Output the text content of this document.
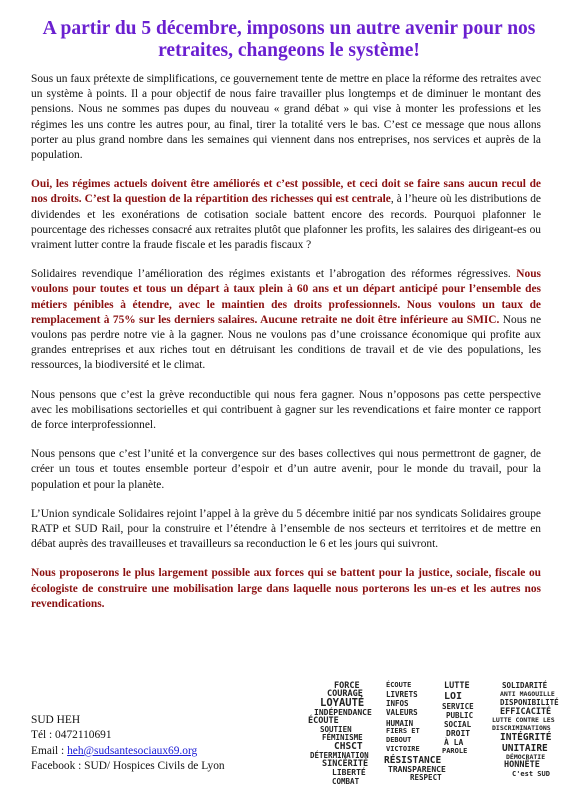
A partir du 5 décembre, imposons un autre avenir pour nos retraites, changeons le système!

Sous un faux prétexte de simplifications, ce gouvernement tente de mettre en place la réforme des retraites avec un système à points. Il a pour objectif de nous faire travailler plus longtemps et de diminuer le montant des pensions. Nous ne sommes pas dupes du nouveau « grand débat » qui vise à monter les professions et les régimes les uns contre les autres pour, au final, tirer la totalité vers le bas. C’est ce message que nous allons porter au plus grand nombre dans les semaines qui viennent dans nos entreprises, nos services et auprès de la population.

Oui, les régimes actuels doivent être améliorés et c’est possible, et ceci doit se faire sans aucun recul de nos droits. C’est la question de la répartition des richesses qui est centrale, à l’heure où les distributions de dividendes et les exonérations de cotisation sociale battent encore des records. Pourquoi plafonner le pourcentage des richesses consacré aux retraites plutôt que plafonner les profits, les salaires des dirigeant-es ou vraiment lutter contre la fraude fiscale et les paradis fiscaux ?

Solidaires revendique l’amélioration des régimes existants et l’abrogation des réformes régressives. Nous voulons pour toutes et tous un départ à taux plein à 60 ans et un départ anticipé pour l’ensemble des métiers pénibles à étendre, avec le maintien des droits professionnels. Nous voulons un taux de remplacement à 75% sur les derniers salaires. Aucune retraite ne doit être inférieure au SMIC. Nous ne voulons pas perdre notre vie à la gagner. Nous ne voulons pas d’une croissance économique qui profite aux grandes entreprises et aux riches tout en détruisant les conditions de travail et de vie des populations, les ressources, la biodiversité et le climat.

Nous pensons que c’est la grève reconductible qui nous fera gagner. Nous n’opposons pas cette perspective avec les mobilisations sectorielles et qui contribuent à gagner sur les revendications et faire monter ce rapport de force interprofessionnel.

Nous pensons que c’est l’unité et la convergence sur des bases collectives qui nous permettront de gagner, de créer un tous et toutes ensemble porteur d’espoir et d’un autre avenir, pour le monde du travail, pour la population et pour la planète.

L’Union syndicale Solidaires rejoint l’appel à la grève du 5 décembre initié par nos syndicats Solidaires groupe RATP et SUD Rail, pour la construire et l’étendre à l’ensemble de nos secteurs et territoires et de mettre en débat auprès des travailleuses et travailleurs sa reconduction le 6 et les jours qui suivront.

Nous proposerons le plus largement possible aux forces qui se battent pour la justice, sociale, fiscale ou écologiste de construire une mobilisation large dans laquelle nous porterons les un-es et les autres nos revendications.

SUD HEH
Tél : 0472110691
Email : heh@sudsantesociaux69.org
Facebook : SUD/ Hospices Civils de Lyon
FORCE
COURAGE
LOYAUTÉ
INDÉPENDANCE
ÉCOUTE
SOUTIEN
FÉMINISME
CHSCT
DÉTERMINATION
SINCÉRITÉ
LIBERTÉ
COMBAT
ÉCOUTE
LIVRETS
INFOS
VALEURS
HUMAIN
FIERS ET
DEBOUT
VICTOIRE
LUTTE
LOI
SERVICE
PUBLIC
SOCIAL
DROIT
À LA
PAROLE
RÉSISTANCE
TRANSPARENCE
RESPECT
SOLIDARITÉ
ANTI MAGOUILLE
DISPONIBILITÉ
EFFICACITÉ
LUTTE CONTRE LES
DISCRIMINATIONS
INTÉGRITÉ
UNITAIRE
DÉMOCRATIE
HONNÊTE
C'est SUD
